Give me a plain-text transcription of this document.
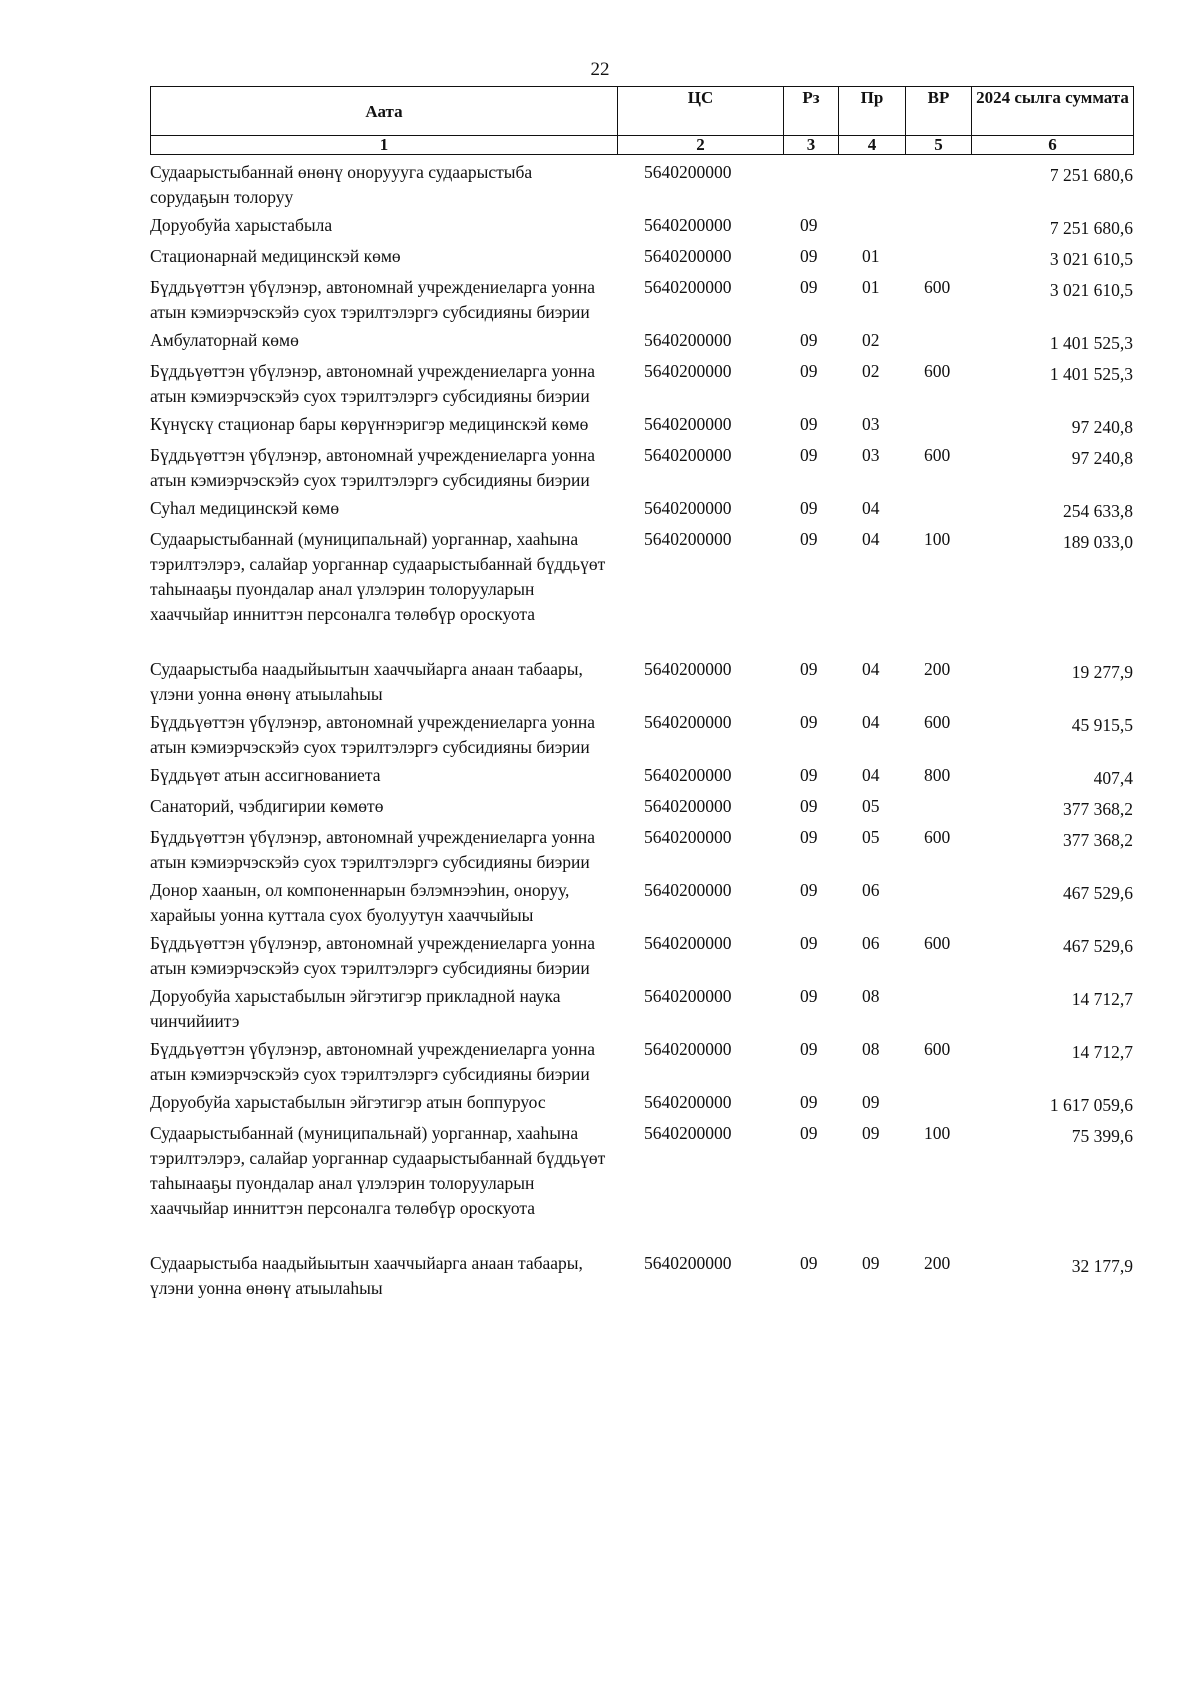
22
Аата	ЦС	Рз	Пр	ВР	2024 сылга суммата
1	2	3	4	5	6
Судаарыстыбаннай өнөнү оноруууга судаарыстыба сорудаҕын толоруу	5640200000				7 251 680,6
Доруобуйа харыстабыла	5640200000	09			7 251 680,6
Стационарнай медицинскэй көмө	5640200000	09	01		3 021 610,5
Бүддьүөттэн үбүлэнэр, автономнай учреждениеларга уонна атын кэмиэрчэскэйэ суох тэрилтэлэргэ субсидияны биэрии	5640200000	09	01	600	3 021 610,5
Амбулаторнай көмө	5640200000	09	02		1 401 525,3
Бүддьүөттэн үбүлэнэр, автономнай учреждениеларга уонна атын кэмиэрчэскэйэ суох тэрилтэлэргэ субсидияны биэрии	5640200000	09	02	600	1 401 525,3
Күнүскү стационар бары көрүҥнэригэр медицинскэй көмө	5640200000	09	03		97 240,8
Бүддьүөттэн үбүлэнэр, автономнай учреждениеларга уонна атын кэмиэрчэскэйэ суох тэрилтэлэргэ субсидияны биэрии	5640200000	09	03	600	97 240,8
Суһал медицинскэй көмө	5640200000	09	04		254 633,8
Судаарыстыбаннай (муниципальнай) уорганнар, хааһына тэрилтэлэрэ, салайар уорганнар судаарыстыбаннай бүддьүөт таһынааҕы пуондалар анал үлэлэрин толорууларын хааччыйар инниттэн персоналга төлөбүр ороскуота	5640200000	09	04	100	189 033,0
Судаарыстыба наадыйыытын хааччыйарга анаан табаары, үлэни уонна өнөнү атыылаһыы	5640200000	09	04	200	19 277,9
Бүддьүөттэн үбүлэнэр, автономнай учреждениеларга уонна атын кэмиэрчэскэйэ суох тэрилтэлэргэ субсидияны биэрии	5640200000	09	04	600	45 915,5
Бүддьүөт атын ассигнованиета	5640200000	09	04	800	407,4
Санаторий, чэбдигирии көмөтө	5640200000	09	05		377 368,2
Бүддьүөттэн үбүлэнэр, автономнай учреждениеларга уонна атын кэмиэрчэскэйэ суох тэрилтэлэргэ субсидияны биэрии	5640200000	09	05	600	377 368,2
Донор хаанын, ол компоненнарын бэлэмнээһин, оноруу, харайыы уонна куттала суох буолуутун хааччыйыы	5640200000	09	06		467 529,6
Бүддьүөттэн үбүлэнэр, автономнай учреждениеларга уонна атын кэмиэрчэскэйэ суох тэрилтэлэргэ субсидияны биэрии	5640200000	09	06	600	467 529,6
Доруобуйа харыстабылын эйгэтигэр прикладной наука чинчийиитэ	5640200000	09	08		14 712,7
Бүддьүөттэн үбүлэнэр, автономнай учреждениеларга уонна атын кэмиэрчэскэйэ суох тэрилтэлэргэ субсидияны биэрии	5640200000	09	08	600	14 712,7
Доруобуйа харыстабылын эйгэтигэр атын боппуруос	5640200000	09	09		1 617 059,6
Судаарыстыбаннай (муниципальнай) уорганнар, хааһына тэрилтэлэрэ, салайар уорганнар судаарыстыбаннай бүддьүөт таһынааҕы пуондалар анал үлэлэрин толорууларын хааччыйар инниттэн персоналга төлөбүр ороскуота	5640200000	09	09	100	75 399,6
Судаарыстыба наадыйыытын хааччыйарга анаан табаары, үлэни уонна өнөнү атыылаһыы	5640200000	09	09	200	32 177,9
